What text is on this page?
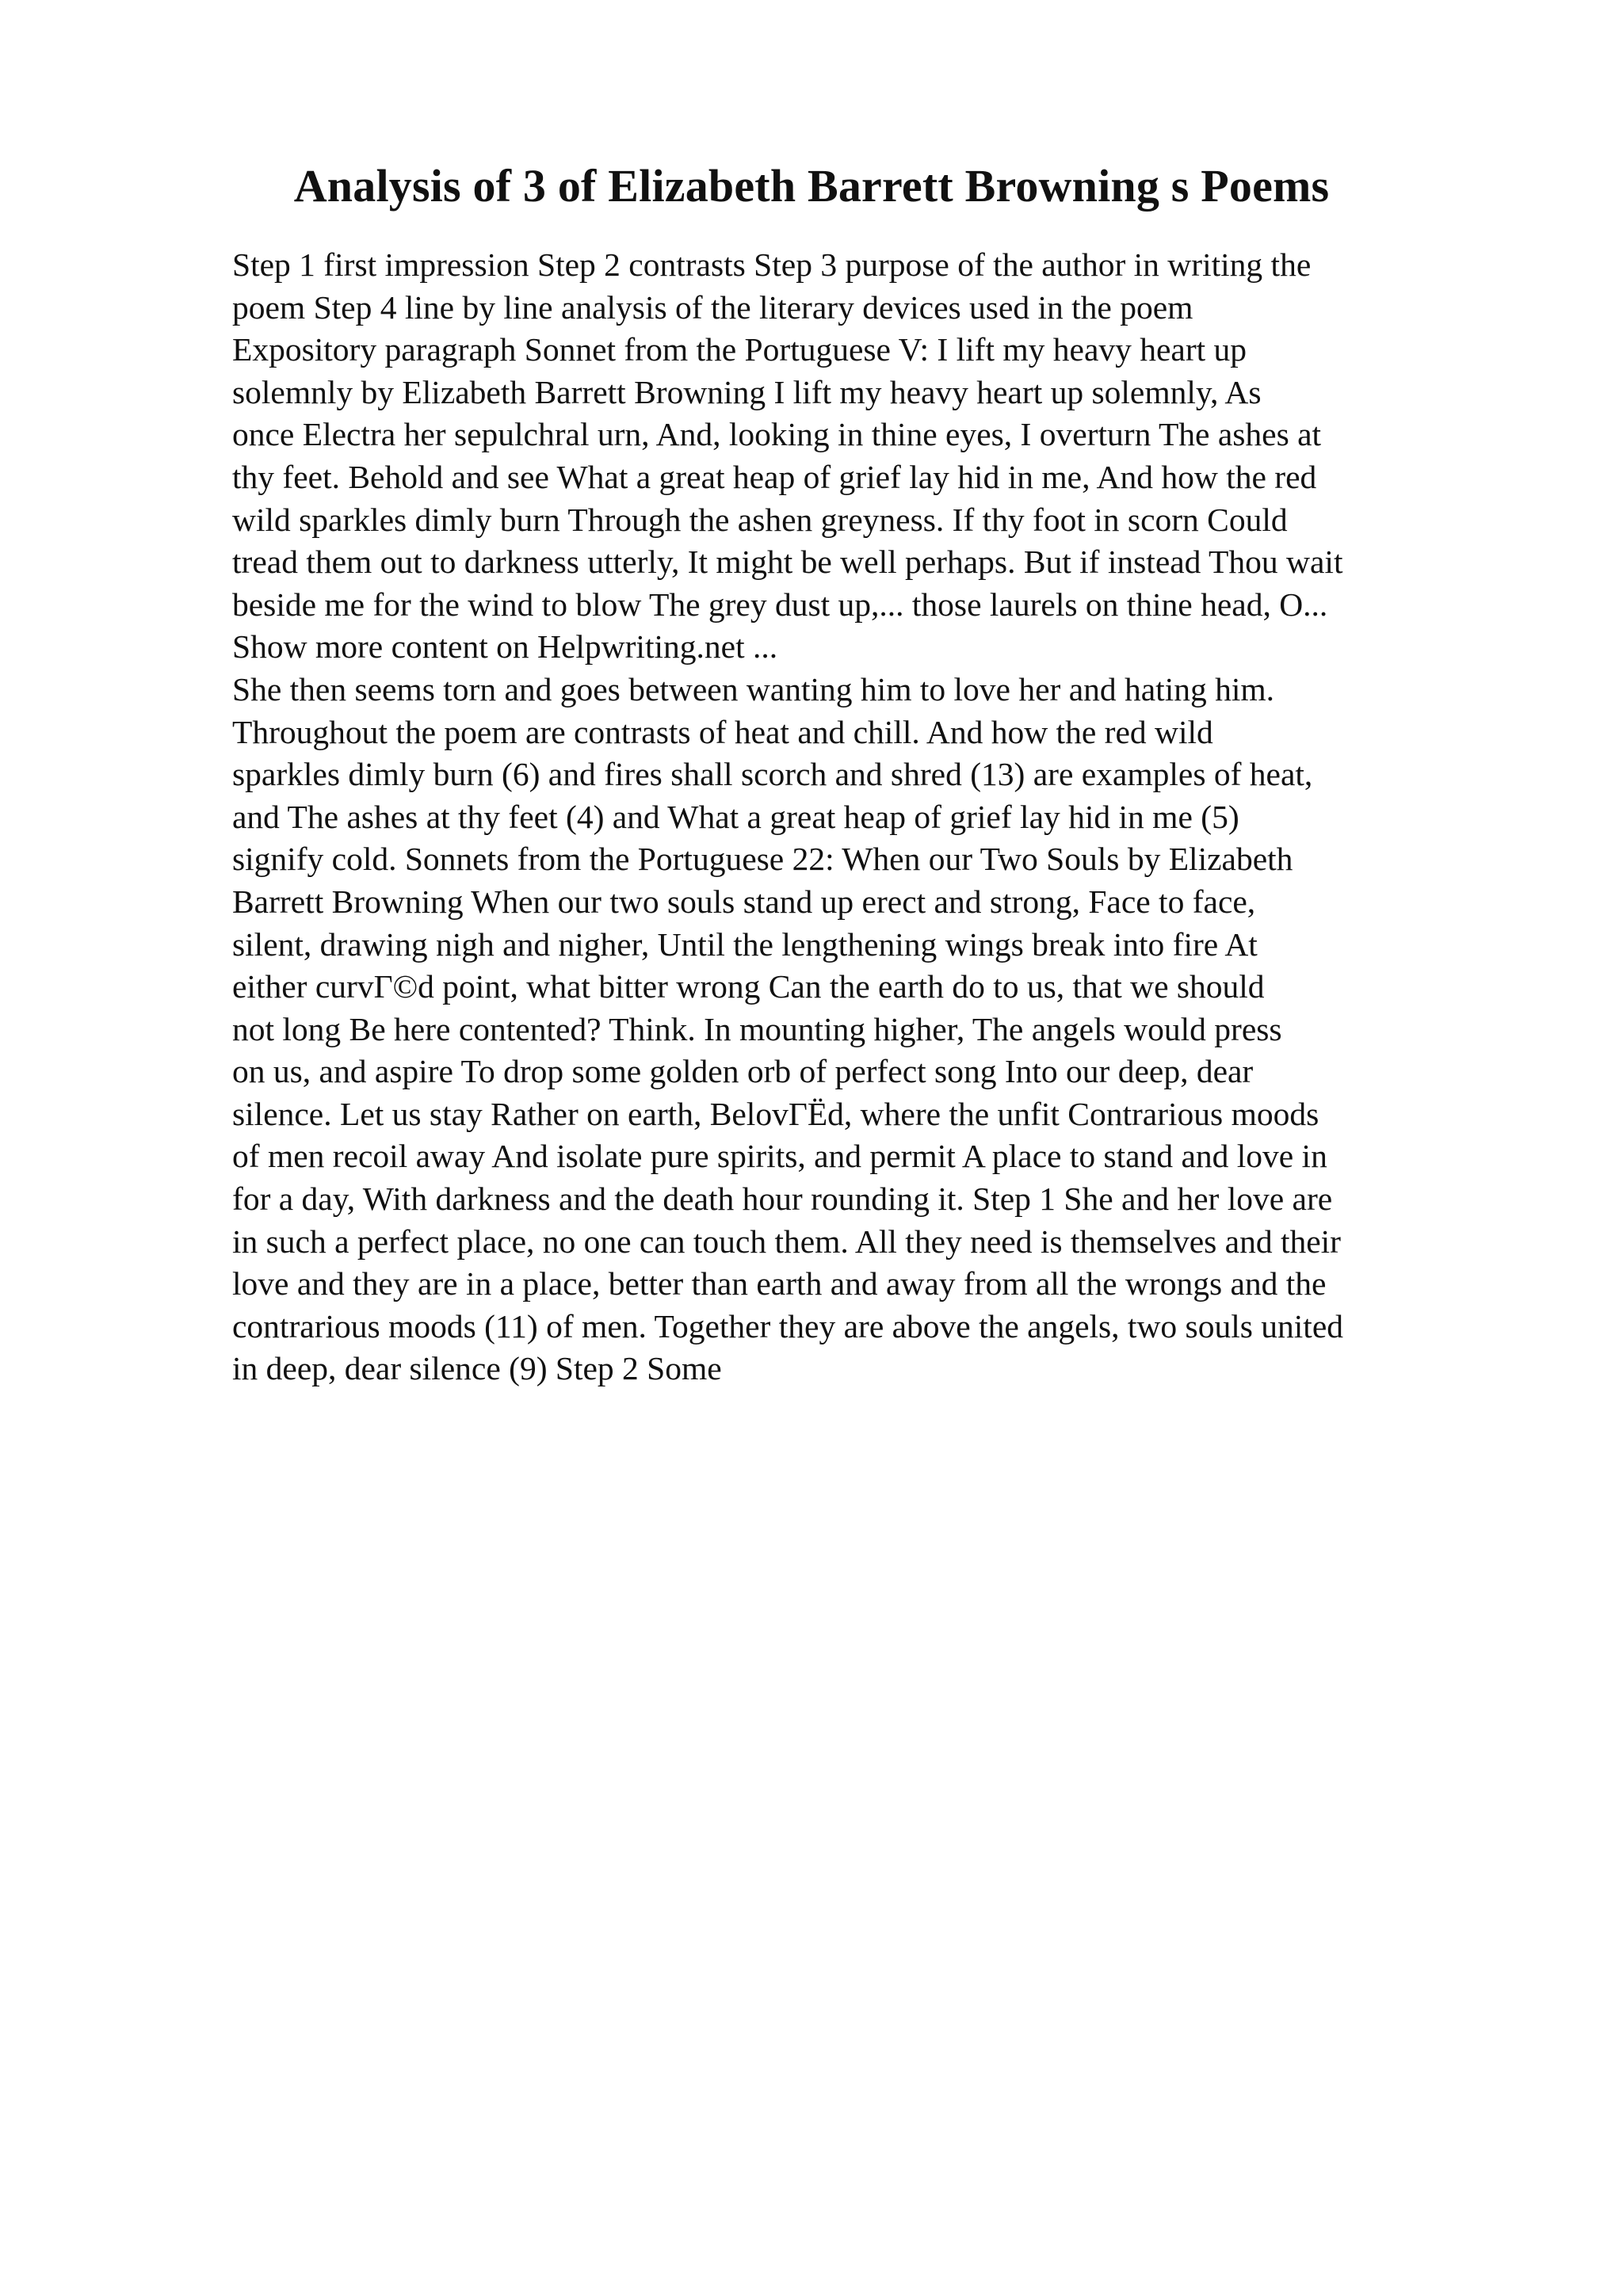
Analysis of 3 of Elizabeth Barrett Browning s Poems
Step 1 first impression Step 2 contrasts Step 3 purpose of the author in writing the
poem Step 4 line by line analysis of the literary devices used in the poem
Expository paragraph Sonnet from the Portuguese V: I lift my heavy heart up
solemnly by Elizabeth Barrett Browning I lift my heavy heart up solemnly, As
once Electra her sepulchral urn, And, looking in thine eyes, I overturn The ashes at
thy feet. Behold and see What a great heap of grief lay hid in me, And how the red
wild sparkles dimly burn Through the ashen greyness. If thy foot in scorn Could
tread them out to darkness utterly, It might be well perhaps. But if instead Thou wait
beside me for the wind to blow The grey dust up,... those laurels on thine head, O...
Show more content on Helpwriting.net ...
She then seems torn and goes between wanting him to love her and hating him.
Throughout the poem are contrasts of heat and chill. And how the red wild
sparkles dimly burn (6) and fires shall scorch and shred (13) are examples of heat,
and The ashes at thy feet (4) and What a great heap of grief lay hid in me (5)
signify cold. Sonnets from the Portuguese 22: When our Two Souls by Elizabeth
Barrett Browning When our two souls stand up erect and strong, Face to face,
silent, drawing nigh and nigher, Until the lengthening wings break into fire At
either curvΓ©d point, what bitter wrong Can the earth do to us, that we should
not long Be here contented? Think. In mounting higher, The angels would press
on us, and aspire To drop some golden orb of perfect song Into our deep, dear
silence. Let us stay Rather on earth, BelovΓËd, where the unfit Contrarious moods
of men recoil away And isolate pure spirits, and permit A place to stand and love in
for a day, With darkness and the death hour rounding it. Step 1 She and her love are
in such a perfect place, no one can touch them. All they need is themselves and their
love and they are in a place, better than earth and away from all the wrongs and the
contrarious moods (11) of men. Together they are above the angels, two souls united
in deep, dear silence (9) Step 2 Some
